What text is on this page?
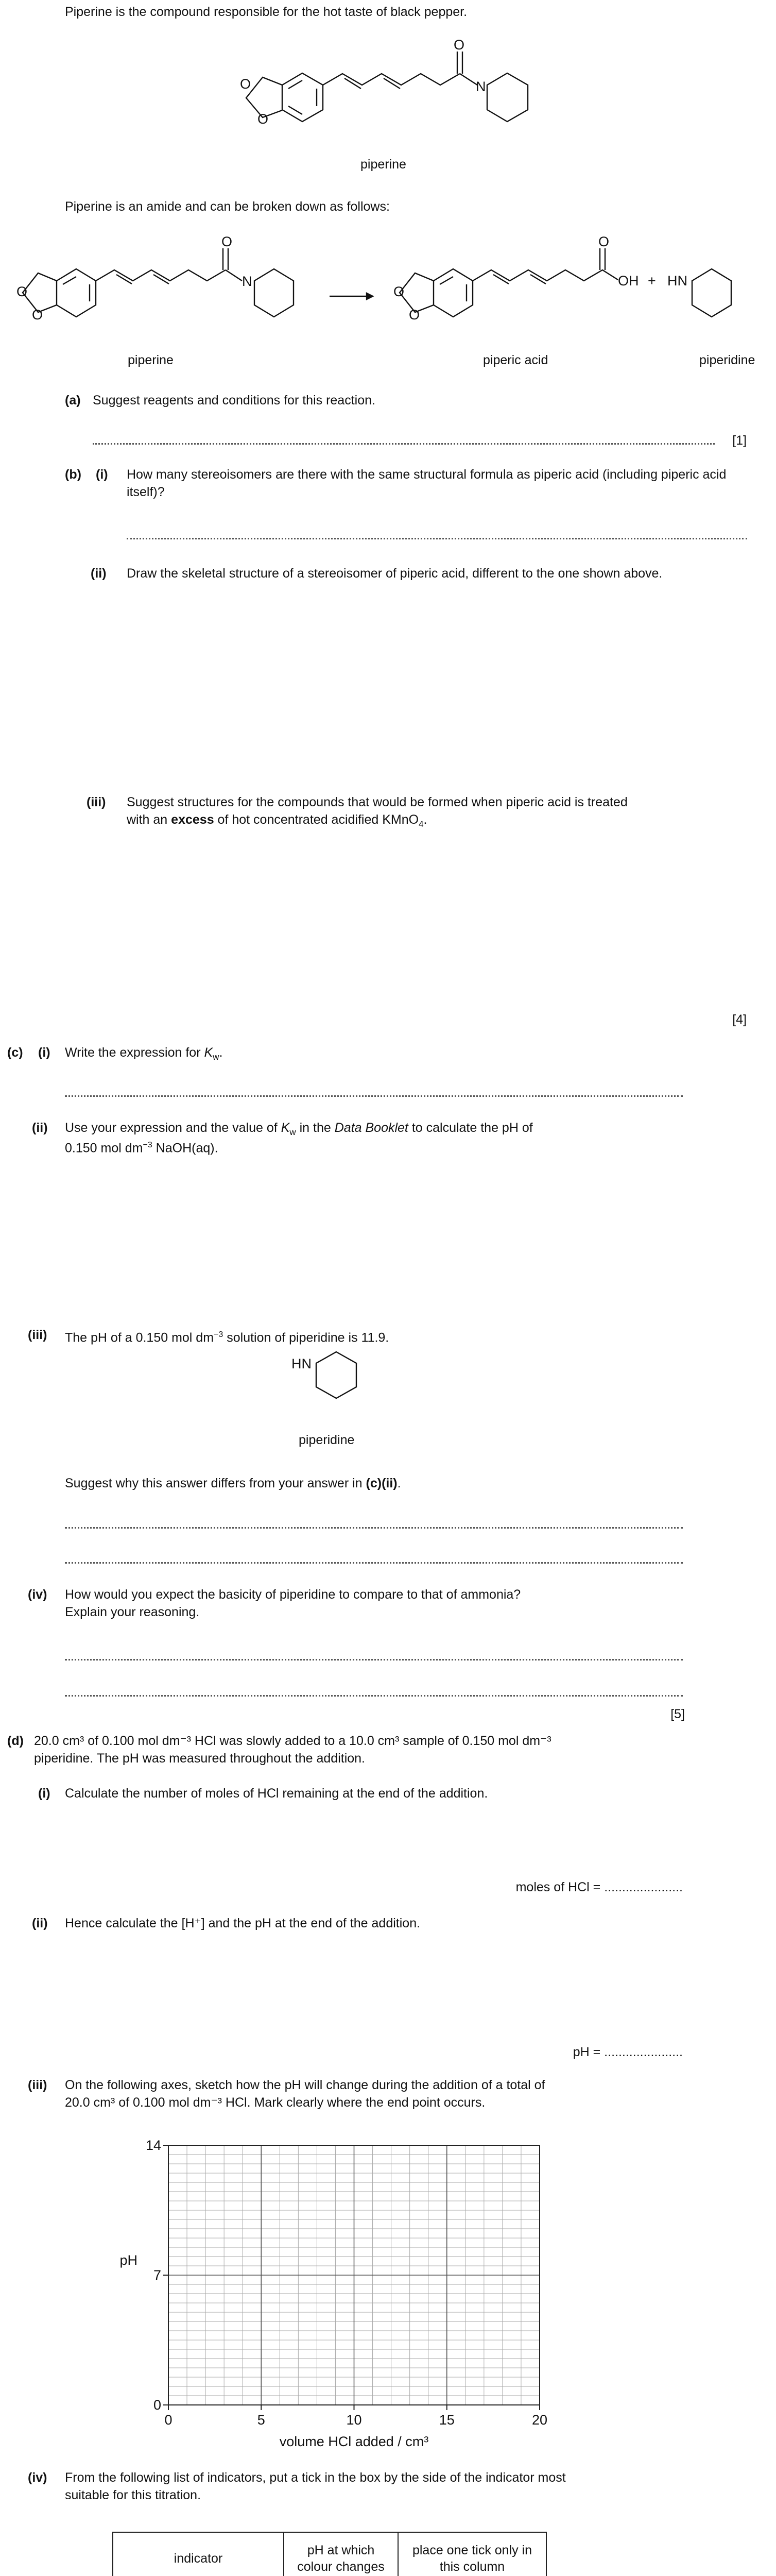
Piperine is the compound responsible for the hot taste of black pepper.
O
O
O
N
piperine
Piperine is an amide and can be broken down as follows:
O
O
O
N
O
O
O
OH + HN
piperine	piperic acid	piperidine
(a) Suggest reagents and conditions for this reaction.
[1]
(b) (i) How many stereoisomers are there with the same structural formula as piperic acid (including piperic acid itself)?
(ii) Draw the skeletal structure of a stereoisomer of piperic acid, different to the one shown above.
(iii) Suggest structures for the compounds that would be formed when piperic acid is treated
with an excess of hot concentrated acidified KMnO$_4$.
[4]
(c) (i) Write the expression for $K_w$.
(ii) Use your expression and the value of $K_w$ in the Data Booklet to calculate the pH of
0.150 mol $dm^{-3}$ NaOH(aq).
(iii) The pH of a 0.150 mol $dm^{-3}$ solution of piperidine is 11.9.
HN
piperidine
Suggest why this answer differs from your answer in (c)(ii).
(iv) How would you expect the basicity of piperidine to compare to that of ammonia?
Explain your reasoning.
[5]
(d) 20.0 cm³ of 0.100 mol dm⁻³ HCl was slowly added to a 10.0 cm³ sample of 0.150 mol dm⁻³
piperidine. The pH was measured throughout the addition.
(i) Calculate the number of moles of HCl remaining at the end of the addition.
moles of HCl = ......................
(ii) Hence calculate the [H⁺] and the pH at the end of the addition.
pH = ......................
(iii) On the following axes, sketch how the pH will change during the addition of a total of
20.0 cm³ of 0.100 mol dm⁻³ HCl. Mark clearly where the end point occurs.
0	5	10	15	20
0
7
14
pH
volume HCl added / cm³
(iv) From the following list of indicators, put a tick in the box by the side of the indicator most
suitable for this titration.
indicator	pH at which colour changes	place one tick only in this column
